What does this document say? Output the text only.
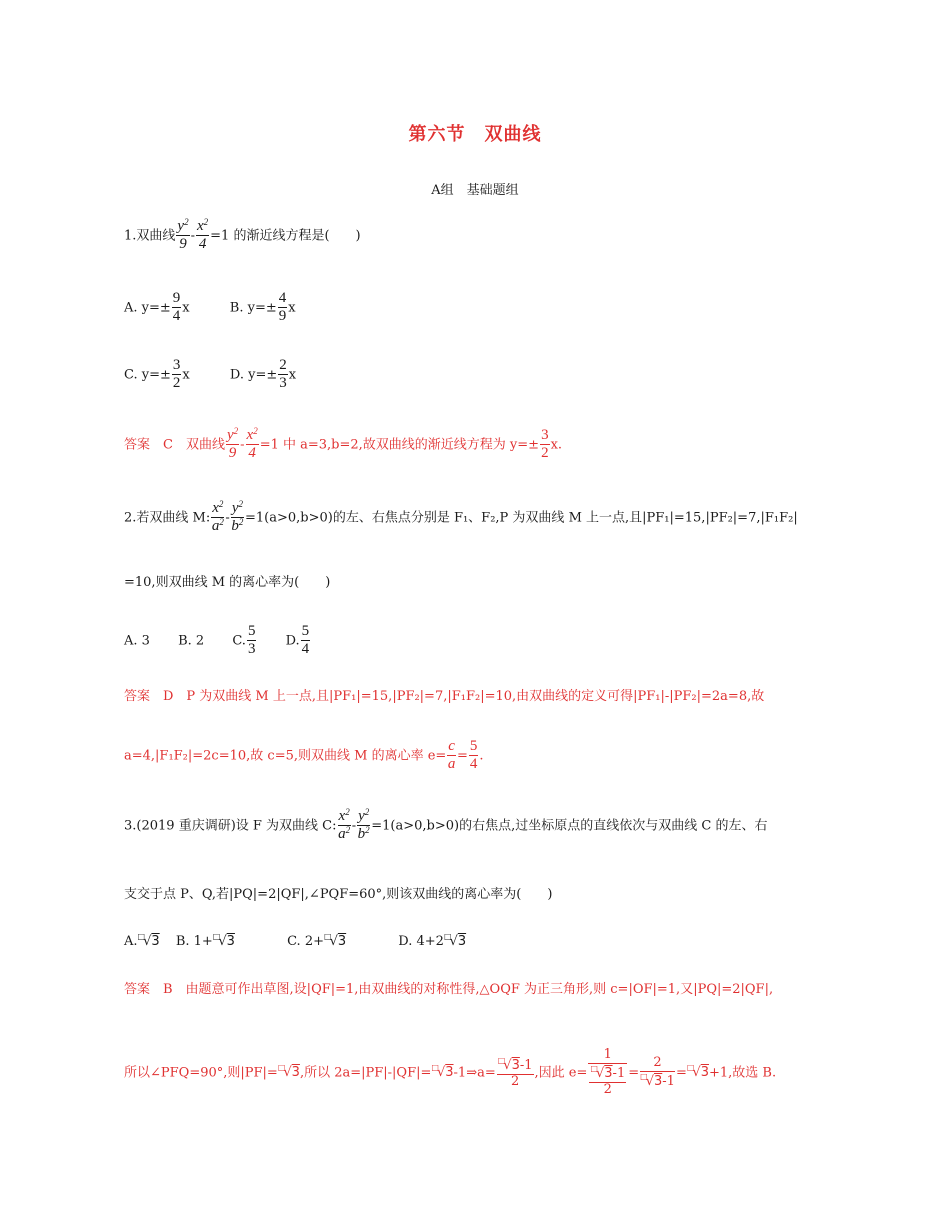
第六节　双曲线
A组　基础题组
1.双曲线 $\frac{y^2}{9} - \frac{x^2}{4} =1$ 的渐近线方程是(　　)
A. $y=\pm \frac{9}{4}$ x	B. $y=\pm \frac{4}{9}$ x
C. $y=\pm \frac{3}{2}$ x	D. $y=\pm \frac{2}{3}$ x
答案　C　双曲线 $\frac{y^2}{9} - \frac{x^2}{4} =1$ 中 a=3,b=2,故双曲线的渐近线方程为 $y=\pm \frac{3}{2} x$.
2.若双曲线 M: $\frac{x^2}{a^2} - \frac{y^2}{b^2} =1(a>0,b>0)$的左、右焦点分别是 F₁、F₂,P 为双曲线 M 上一点,且|PF₁|=15,|PF₂|=7,|F₁F₂|
=10,则双曲线 M 的离心率为(　　)
A. 3 B. 2 C. $\frac{5}{3} D$. $\frac{5}{4}$
答案　D　P 为双曲线 M 上一点,且|PF₁|=15,|PF₂|=7,|F₁F₂|=10,由双曲线的定义可得|PF₁|-|PF₂|=2a=8,故
a=4,|F₁F₂|=2c=10,故 c=5,则双曲线 M 的离心率 $e= \frac{c}{a} = \frac{5}{4}$ .
3.(2019 重庆调研)设 F 为双曲线 C: $\frac{x^2}{a^2} - \frac{y^2}{b^2} =1(a>0,b>0)$的右焦点,过坐标原点的直线依次与双曲线 C 的左、右
支交于点 P、Q,若|PQ|=2|QF|,∠PQF=60°,则该双曲线的离心率为(　　)
A.□√3 B. 1+□√3	C. 2+□√3	D. 4+2□√3
答案　B　由题意可作出草图,设|QF|=1,由双曲线的对称性得,△OQF 为正三角形,则 c=|OF|=1,又|PQ|=2|QF|,
所以∠PFQ=90°,则|PF|=□√3,所以 2a=|PF|-|QF|=□√3-1⇒a= $\frac{^□√3-1}{2}$ ,因此 $e= \frac{1}{\frac{^□√3-1}{2}} = \frac{2}{^□√3-1} =^□√3+1$,故选 B.
